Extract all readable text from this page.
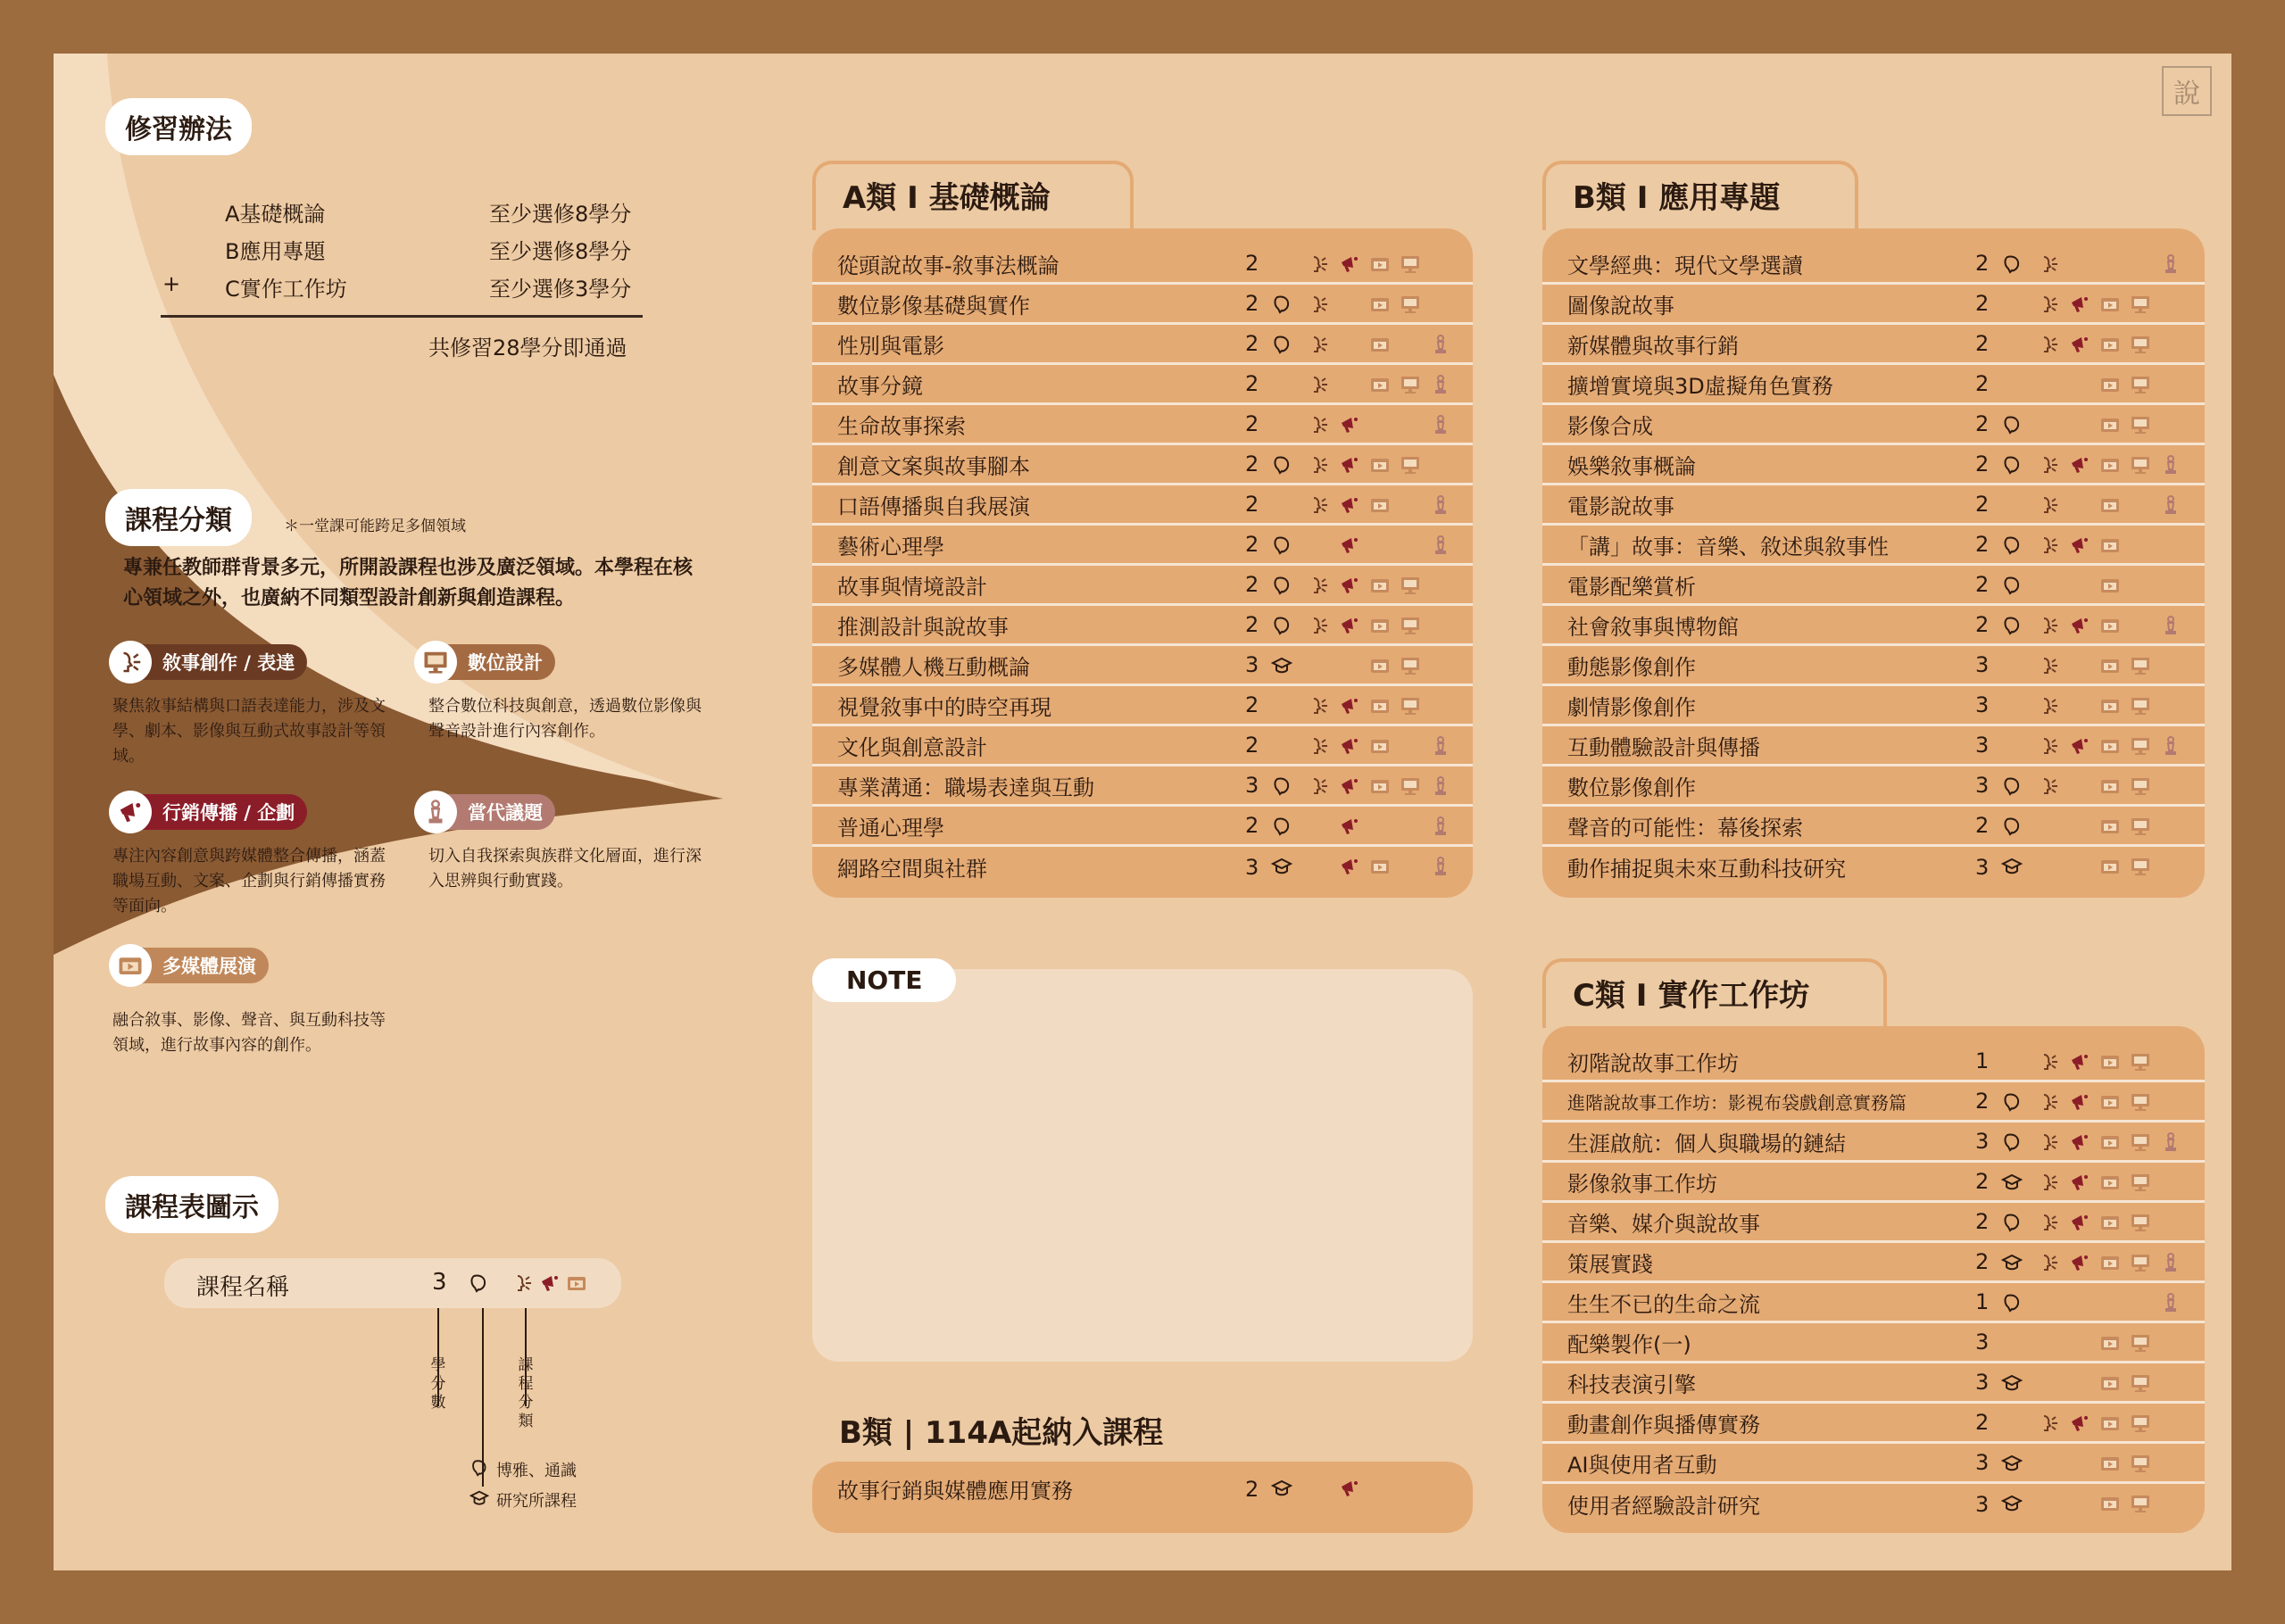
說
修習辦法
A基礎概論	至少選修8學分
B應用專題	至少選修8學分
+ C實作工作坊	至少選修3學分
共修習28學分即通過
課程分類	＊一堂課可能跨足多個領域
專兼任教師群背景多元，所開設課程也涉及廣泛領域。本學程在核心領域之外，也廣納不同類型設計創新與創造課程。
敘事創作 / 表達
聚焦敘事結構與口語表達能力，涉及文學、劇本、影像與互動式故事設計等領域。
數位設計
整合數位科技與創意，透過數位影像與聲音設計進行內容創作。
行銷傳播 / 企劃
專注內容創意與跨媒體整合傳播，涵蓋職場互動、文案、企劃與行銷傳播實務等面向。
當代議題
切入自我探索與族群文化層面，進行深入思辨與行動實踐。
多媒體展演
融合敘事、影像、聲音、與互動科技等領域，進行故事內容的創作。
課程表圖示
課程名稱	3
學分數
課程分類
博雅、通識
研究所課程
A類 I 基礎概論
從頭說故事-敘事法概論	2
數位影像基礎與實作	2
性別與電影	2
故事分鏡	2
生命故事探索	2
創意文案與故事腳本	2
口語傳播與自我展演	2
藝術心理學	2
故事與情境設計	2
推測設計與說故事	2
多媒體人機互動概論	3
視覺敘事中的時空再現	2
文化與創意設計	2
專業溝通：職場表達與互動	3
普通心理學	2
網路空間與社群	3
B類 I 應用專題
文學經典：現代文學選讀	2
圖像說故事	2
新媒體與故事行銷	2
擴增實境與3D虛擬角色實務	2
影像合成	2
娛樂敘事概論	2
電影說故事	2
「講」故事：音樂、敘述與敘事性	2
電影配樂賞析	2
社會敘事與博物館	2
動態影像創作	3
劇情影像創作	3
互動體驗設計與傳播	3
數位影像創作	3
聲音的可能性：幕後探索	2
動作捕捉與未來互動科技研究	3
NOTE
B類 | 114A起納入課程
故事行銷與媒體應用實務	2
C類 I 實作工作坊
初階說故事工作坊	1
進階說故事工作坊：影視布袋戲創意實務篇	2
生涯啟航：個人與職場的鏈結	3
影像敘事工作坊	2
音樂、媒介與說故事	2
策展實踐	2
生生不已的生命之流	1
配樂製作(一)	3
科技表演引擎	3
動畫創作與播傳實務	2
AI與使用者互動	3
使用者經驗設計研究	3
